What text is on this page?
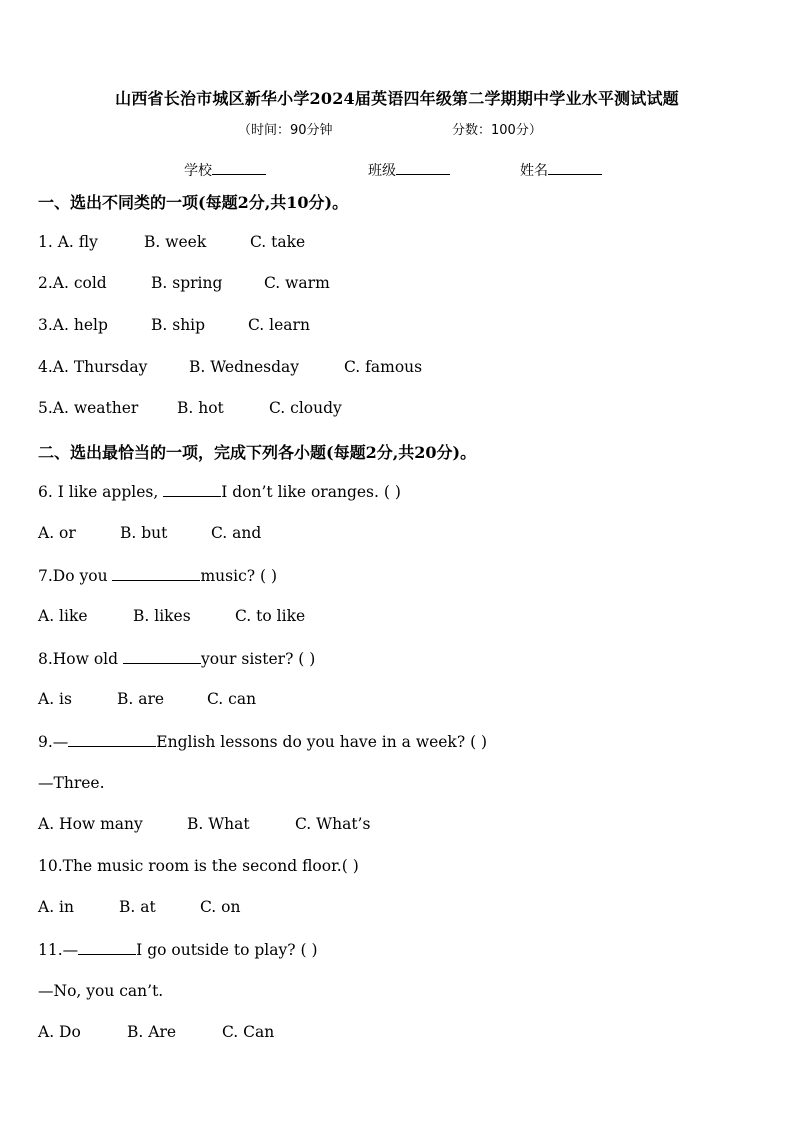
山西省长治市城区新华小学2024届英语四年级第二学期期中学业水平测试试题
（时间：90分钟	分数：100分）
学校	班级	姓名
一、选出不同类的一项(每题2分,共10分)。
1. A. fly	B. week	C. take
2.A. cold	B. spring	C. warm
3.A. help	B. ship	C. learn
4.A. Thursday	B. Wednesday	C. famous
5.A. weather B. hot	C. cloudy
二、选出最恰当的一项，完成下列各小题(每题2分,共20分)。
6. I like apples,	I don’t like oranges. ( )
A. or	B. but	C. and
7.Do you	music? ( )
A. like	B. likes	C. to like
8.How old	your sister? ( )
A. is	B. are	C. can
9.—	English lessons do you have in a week? ( )
—Three.
A. How many	B. What	C. What’s
10.The music room is the second floor.( )
A. in	B. at	C. on
11.—	I go outside to play? ( )
—No, you can’t.
A. Do	B. Are	C. Can
